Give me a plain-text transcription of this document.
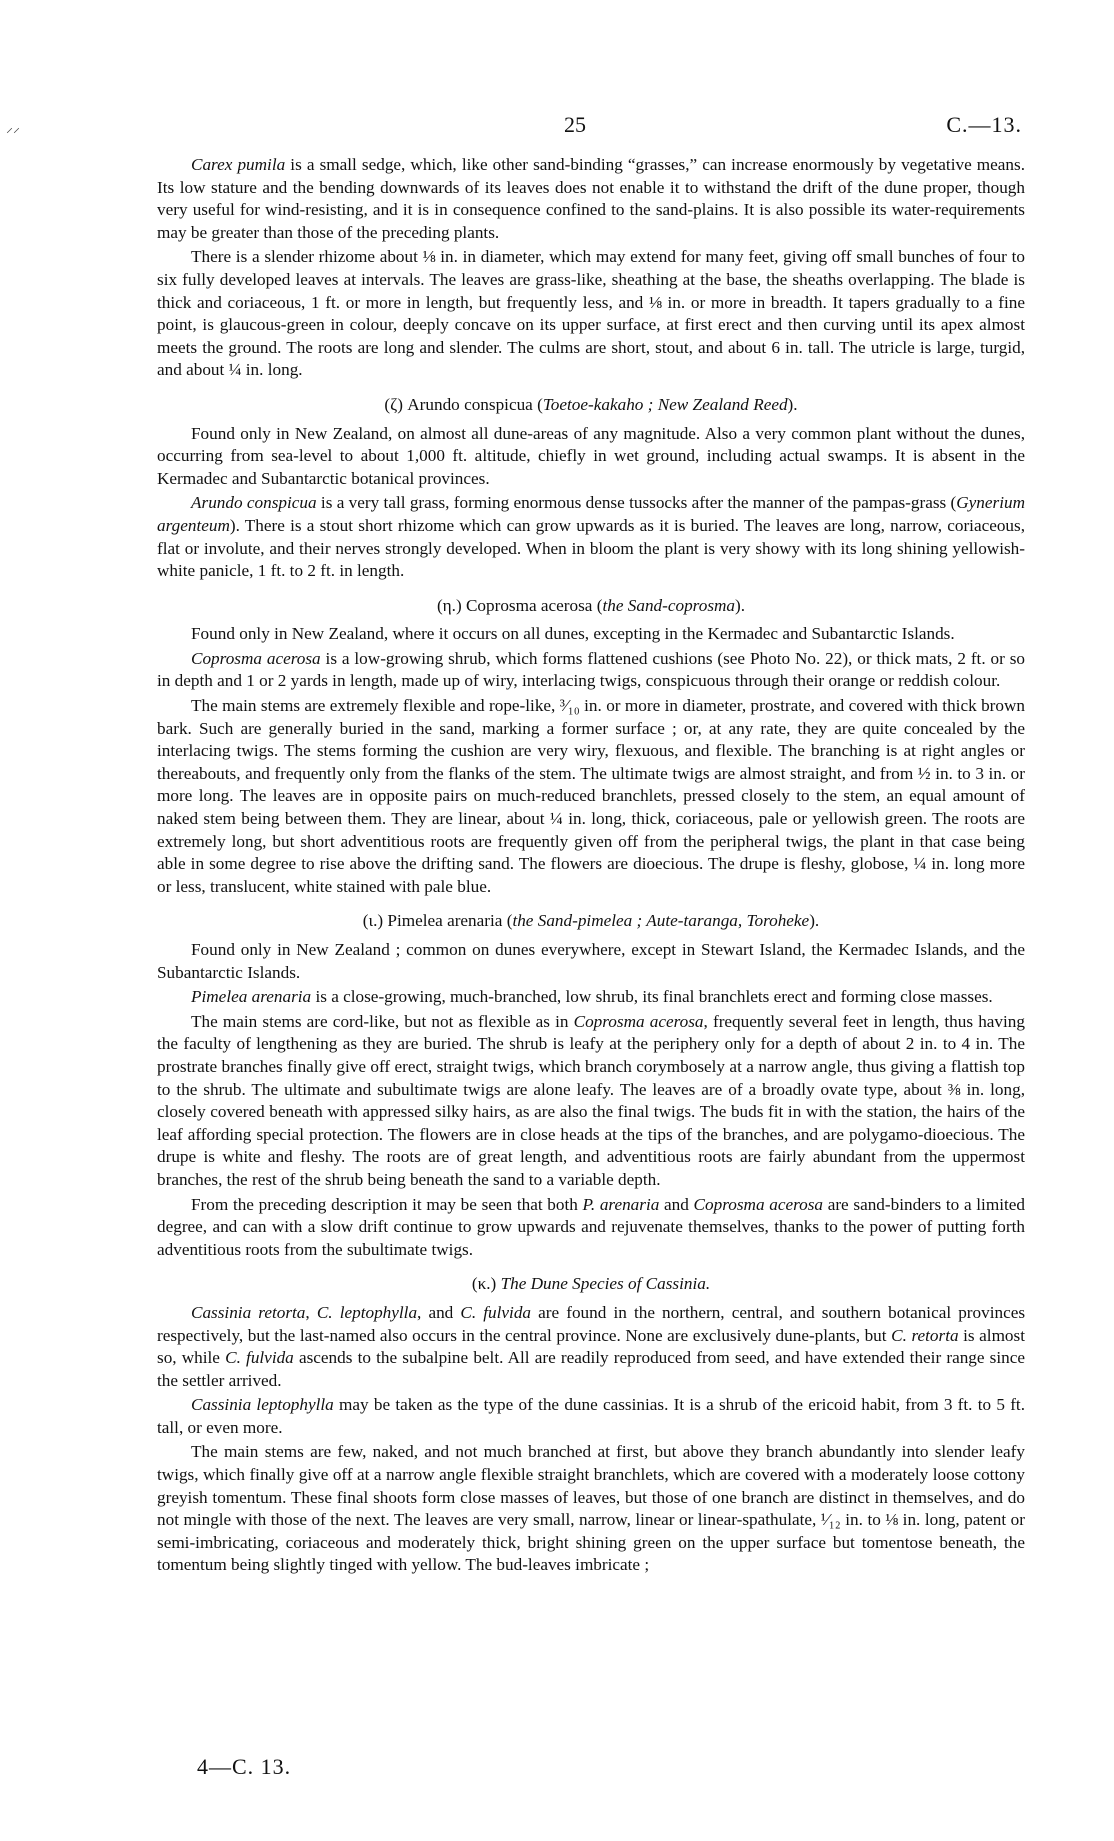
⸝⸝	25	C.—13.

Carex pumila is a small sedge, which, like other sand-binding “grasses,” can increase enormously by vegetative means. Its low stature and the bending downwards of its leaves does not enable it to withstand the drift of the dune proper, though very useful for wind-resisting, and it is in consequence confined to the sand-plains. It is also possible its water-requirements may be greater than those of the preceding plants.

There is a slender rhizome about ⅛ in. in diameter, which may extend for many feet, giving off small bunches of four to six fully developed leaves at intervals. The leaves are grass-like, sheathing at the base, the sheaths overlapping. The blade is thick and coriaceous, 1 ft. or more in length, but frequently less, and ⅛ in. or more in breadth. It tapers gradually to a fine point, is glaucous-green in colour, deeply concave on its upper surface, at first erect and then curving until its apex almost meets the ground. The roots are long and slender. The culms are short, stout, and about 6 in. tall. The utricle is large, turgid, and about ¼ in. long.

(ζ) Arundo conspicua (Toetoe-kakaho ; New Zealand Reed).

Found only in New Zealand, on almost all dune-areas of any magnitude. Also a very common plant without the dunes, occurring from sea-level to about 1,000 ft. altitude, chiefly in wet ground, including actual swamps. It is absent in the Kermadec and Subantarctic botanical provinces.

Arundo conspicua is a very tall grass, forming enormous dense tussocks after the manner of the pampas-grass (Gynerium argenteum). There is a stout short rhizome which can grow upwards as it is buried. The leaves are long, narrow, coriaceous, flat or involute, and their nerves strongly developed. When in bloom the plant is very showy with its long shining yellowish-white panicle, 1 ft. to 2 ft. in length.

(η.) Coprosma acerosa (the Sand-coprosma).

Found only in New Zealand, where it occurs on all dunes, excepting in the Kermadec and Subantarctic Islands.

Coprosma acerosa is a low-growing shrub, which forms flattened cushions (see Photo No. 22), or thick mats, 2 ft. or so in depth and 1 or 2 yards in length, made up of wiry, interlacing twigs, conspicuous through their orange or reddish colour.

The main stems are extremely flexible and rope-like, ³⁄₁₀ in. or more in diameter, prostrate, and covered with thick brown bark. Such are generally buried in the sand, marking a former surface ; or, at any rate, they are quite concealed by the interlacing twigs. The stems forming the cushion are very wiry, flexuous, and flexible. The branching is at right angles or thereabouts, and frequently only from the flanks of the stem. The ultimate twigs are almost straight, and from ½ in. to 3 in. or more long. The leaves are in opposite pairs on much-reduced branchlets, pressed closely to the stem, an equal amount of naked stem being between them. They are linear, about ¼ in. long, thick, coriaceous, pale or yellowish green. The roots are extremely long, but short adventitious roots are frequently given off from the peripheral twigs, the plant in that case being able in some degree to rise above the drifting sand. The flowers are dioecious. The drupe is fleshy, globose, ¼ in. long more or less, translucent, white stained with pale blue.

(ι.) Pimelea arenaria (the Sand-pimelea ; Aute-taranga, Toroheke).

Found only in New Zealand ; common on dunes everywhere, except in Stewart Island, the Kermadec Islands, and the Subantarctic Islands.

Pimelea arenaria is a close-growing, much-branched, low shrub, its final branchlets erect and forming close masses.

The main stems are cord-like, but not as flexible as in Coprosma acerosa, frequently several feet in length, thus having the faculty of lengthening as they are buried. The shrub is leafy at the periphery only for a depth of about 2 in. to 4 in. The prostrate branches finally give off erect, straight twigs, which branch corymbosely at a narrow angle, thus giving a flattish top to the shrub. The ultimate and subultimate twigs are alone leafy. The leaves are of a broadly ovate type, about ⅜ in. long, closely covered beneath with appressed silky hairs, as are also the final twigs. The buds fit in with the station, the hairs of the leaf affording special protection. The flowers are in close heads at the tips of the branches, and are polygamo-dioecious. The drupe is white and fleshy. The roots are of great length, and adventitious roots are fairly abundant from the uppermost branches, the rest of the shrub being beneath the sand to a variable depth.

From the preceding description it may be seen that both P. arenaria and Coprosma acerosa are sand-binders to a limited degree, and can with a slow drift continue to grow upwards and rejuvenate themselves, thanks to the power of putting forth adventitious roots from the subultimate twigs.

(κ.) The Dune Species of Cassinia.

Cassinia retorta, C. leptophylla, and C. fulvida are found in the northern, central, and southern botanical provinces respectively, but the last-named also occurs in the central province. None are exclusively dune-plants, but C. retorta is almost so, while C. fulvida ascends to the subalpine belt. All are readily reproduced from seed, and have extended their range since the settler arrived.

Cassinia leptophylla may be taken as the type of the dune cassinias. It is a shrub of the ericoid habit, from 3 ft. to 5 ft. tall, or even more.

The main stems are few, naked, and not much branched at first, but above they branch abundantly into slender leafy twigs, which finally give off at a narrow angle flexible straight branchlets, which are covered with a moderately loose cottony greyish tomentum. These final shoots form close masses of leaves, but those of one branch are distinct in themselves, and do not mingle with those of the next. The leaves are very small, narrow, linear or linear-spathulate, ¹⁄₁₂ in. to ⅛ in. long, patent or semi-imbricating, coriaceous and moderately thick, bright shining green on the upper surface but tomentose beneath, the tomentum being slightly tinged with yellow. The bud-leaves imbricate ;

4—C. 13.
